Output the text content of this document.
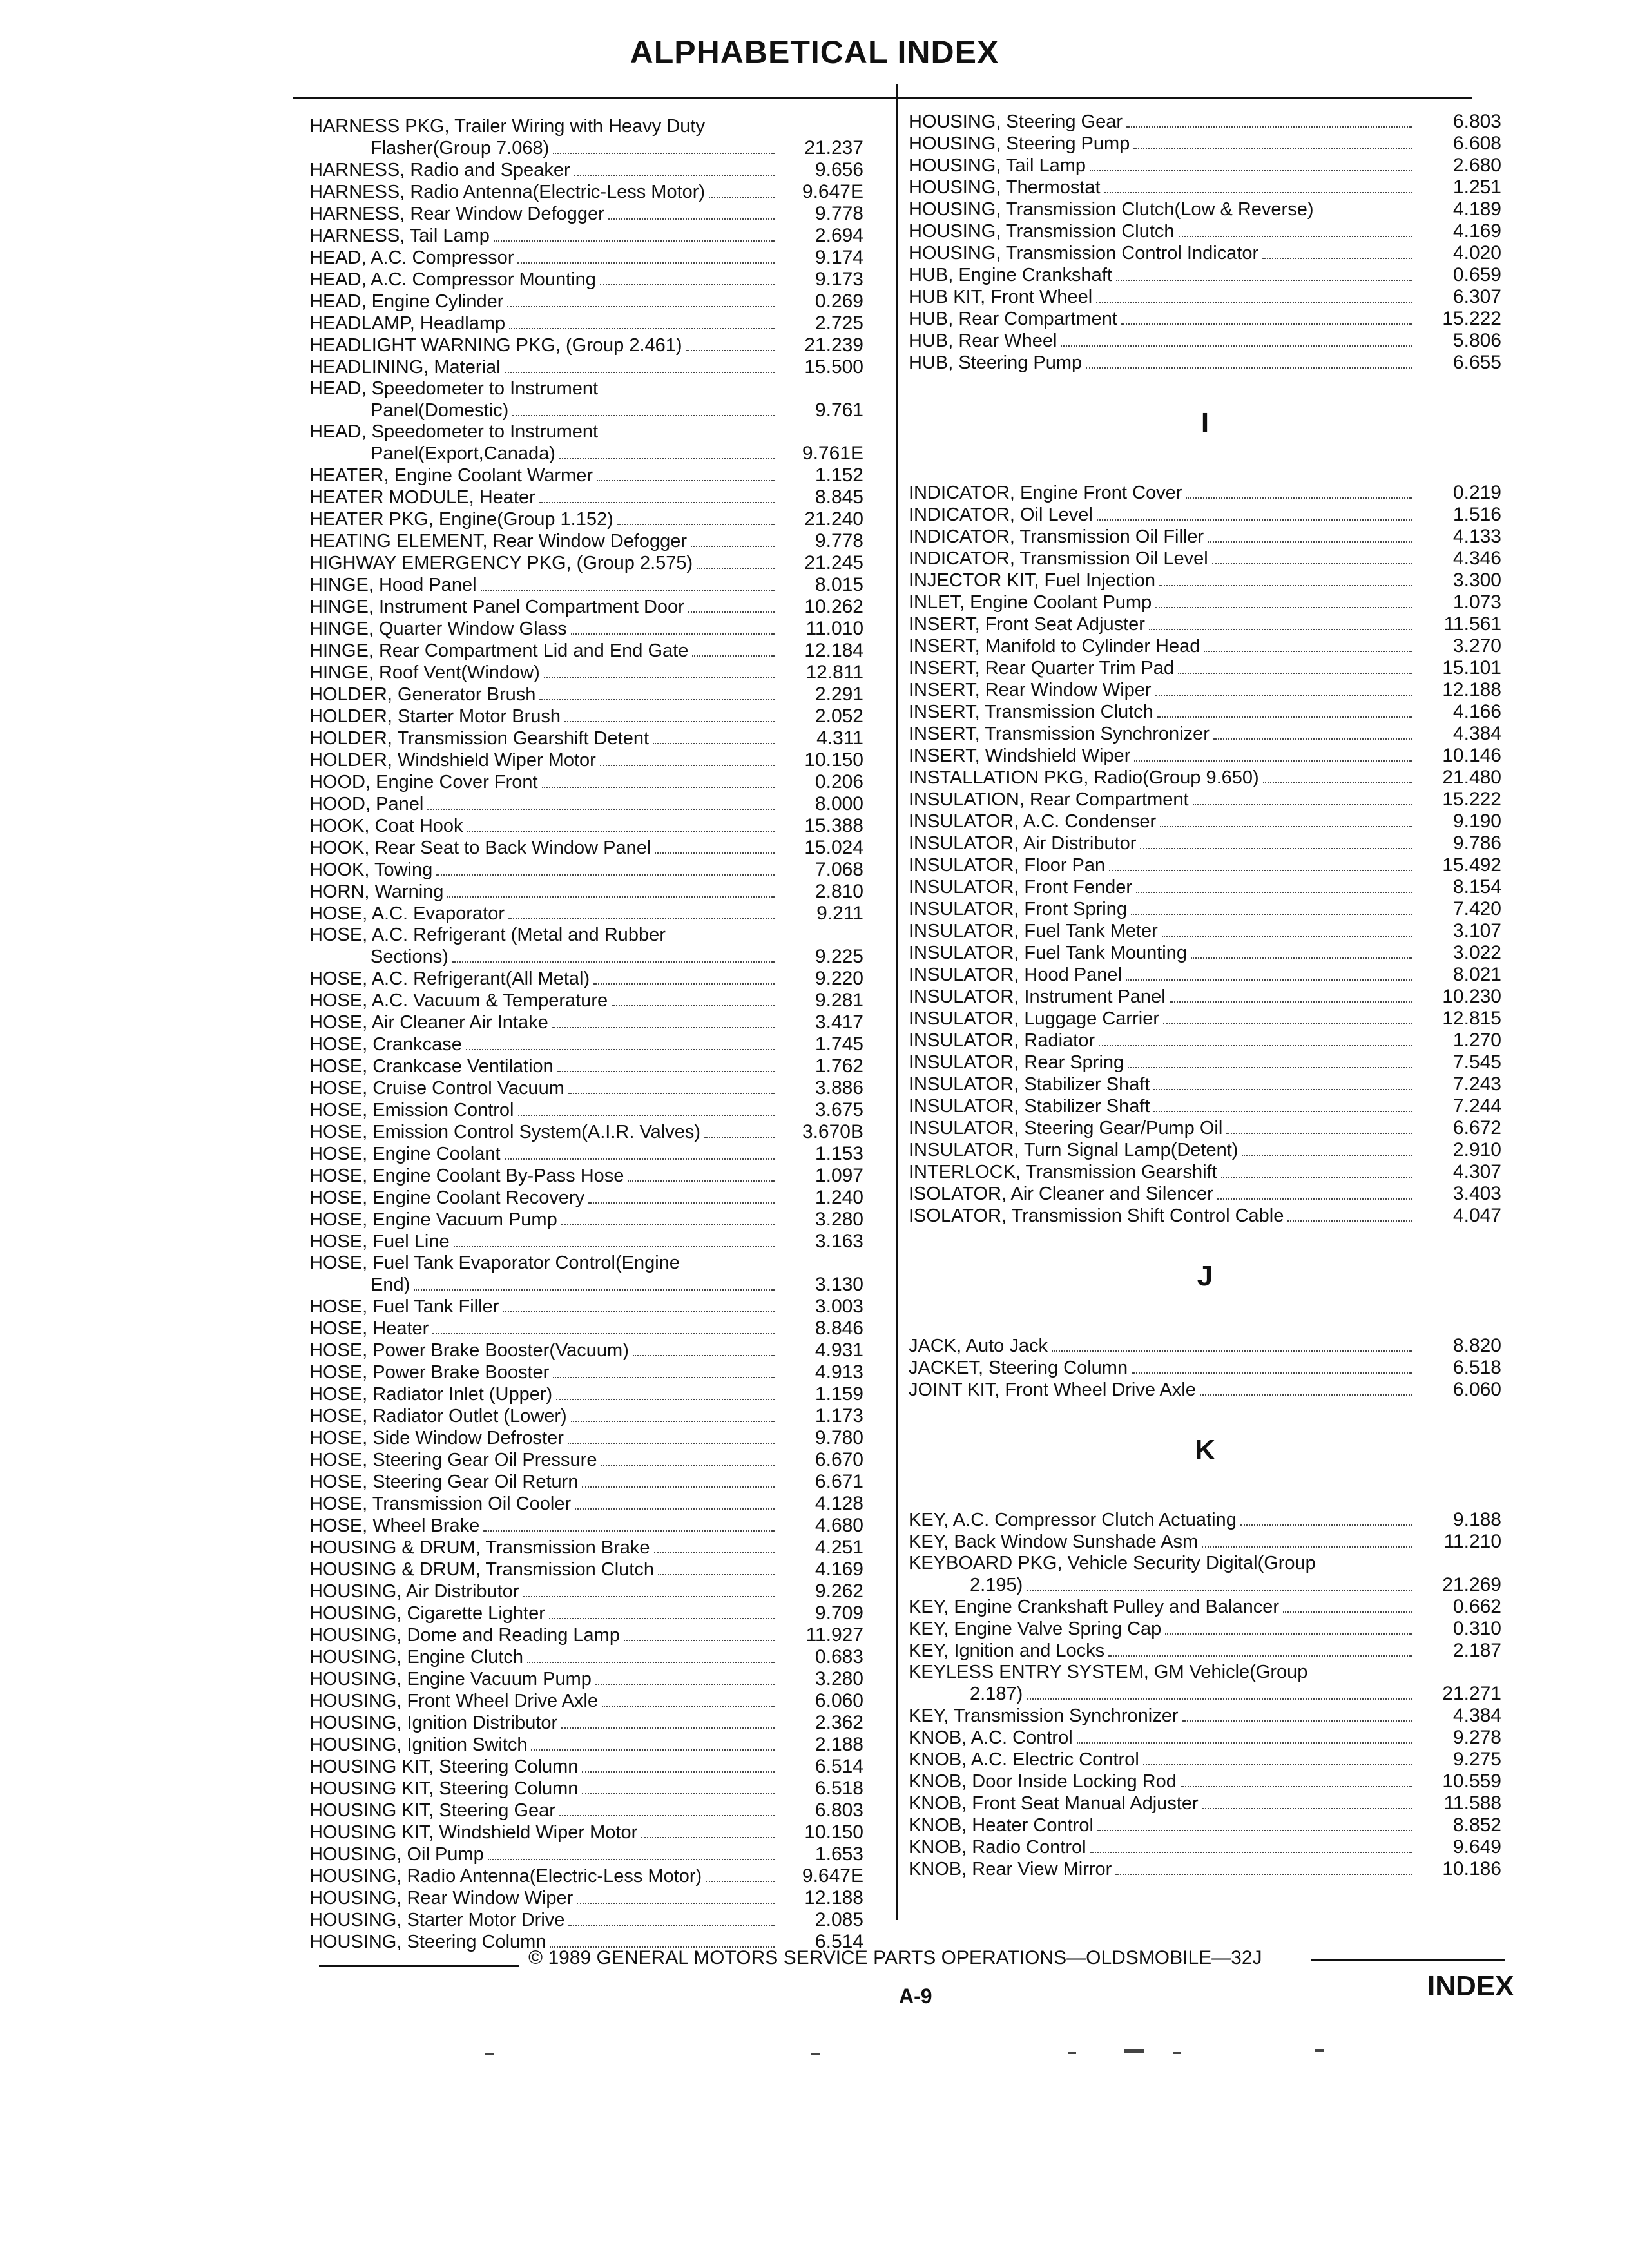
ALPHABETICAL INDEX
HARNESS PKG, Trailer Wiring with Heavy Duty
Flasher(Group 7.068)	21.237
HARNESS, Radio and Speaker	9.656
HARNESS, Radio Antenna(Electric-Less Motor)	9.647E
HARNESS, Rear Window Defogger	9.778
HARNESS, Tail Lamp	2.694
HEAD, A.C. Compressor	9.174
HEAD, A.C. Compressor Mounting	9.173
HEAD, Engine Cylinder	0.269
HEADLAMP, Headlamp	2.725
HEADLIGHT WARNING PKG, (Group 2.461)	21.239
HEADLINING, Material	15.500
HEAD, Speedometer to Instrument
Panel(Domestic)	9.761
HEAD, Speedometer to Instrument
Panel(Export,Canada)	9.761E
HEATER, Engine Coolant Warmer	1.152
HEATER MODULE, Heater	8.845
HEATER PKG, Engine(Group 1.152)	21.240
HEATING ELEMENT, Rear Window Defogger	9.778
HIGHWAY EMERGENCY PKG, (Group 2.575)	21.245
HINGE, Hood Panel	8.015
HINGE, Instrument Panel Compartment Door	10.262
HINGE, Quarter Window Glass	11.010
HINGE, Rear Compartment Lid and End Gate	12.184
HINGE, Roof Vent(Window)	12.811
HOLDER, Generator Brush	2.291
HOLDER, Starter Motor Brush	2.052
HOLDER, Transmission Gearshift Detent	4.311
HOLDER, Windshield Wiper Motor	10.150
HOOD, Engine Cover Front	0.206
HOOD, Panel	8.000
HOOK, Coat Hook	15.388
HOOK, Rear Seat to Back Window Panel	15.024
HOOK, Towing	7.068
HORN, Warning	2.810
HOSE, A.C. Evaporator	9.211
HOSE, A.C. Refrigerant (Metal and Rubber
Sections)	9.225
HOSE, A.C. Refrigerant(All Metal)	9.220
HOSE, A.C. Vacuum & Temperature	9.281
HOSE, Air Cleaner Air Intake	3.417
HOSE, Crankcase	1.745
HOSE, Crankcase Ventilation	1.762
HOSE, Cruise Control Vacuum	3.886
HOSE, Emission Control	3.675
HOSE, Emission Control System(A.I.R. Valves)	3.670B
HOSE, Engine Coolant	1.153
HOSE, Engine Coolant By-Pass Hose	1.097
HOSE, Engine Coolant Recovery	1.240
HOSE, Engine Vacuum Pump	3.280
HOSE, Fuel Line	3.163
HOSE, Fuel Tank Evaporator Control(Engine
End)	3.130
HOSE, Fuel Tank Filler	3.003
HOSE, Heater	8.846
HOSE, Power Brake Booster(Vacuum)	4.931
HOSE, Power Brake Booster	4.913
HOSE, Radiator Inlet (Upper)	1.159
HOSE, Radiator Outlet (Lower)	1.173
HOSE, Side Window Defroster	9.780
HOSE, Steering Gear Oil Pressure	6.670
HOSE, Steering Gear Oil Return	6.671
HOSE, Transmission Oil Cooler	4.128
HOSE, Wheel Brake	4.680
HOUSING & DRUM, Transmission Brake	4.251
HOUSING & DRUM, Transmission Clutch	4.169
HOUSING, Air Distributor	9.262
HOUSING, Cigarette Lighter	9.709
HOUSING, Dome and Reading Lamp	11.927
HOUSING, Engine Clutch	0.683
HOUSING, Engine Vacuum Pump	3.280
HOUSING, Front Wheel Drive Axle	6.060
HOUSING, Ignition Distributor	2.362
HOUSING, Ignition Switch	2.188
HOUSING KIT, Steering Column	6.514
HOUSING KIT, Steering Column	6.518
HOUSING KIT, Steering Gear	6.803
HOUSING KIT, Windshield Wiper Motor	10.150
HOUSING, Oil Pump	1.653
HOUSING, Radio Antenna(Electric-Less Motor)	9.647E
HOUSING, Rear Window Wiper	12.188
HOUSING, Starter Motor Drive	2.085
HOUSING, Steering Column	6.514
HOUSING, Steering Gear	6.803
HOUSING, Steering Pump	6.608
HOUSING, Tail Lamp	2.680
HOUSING, Thermostat	1.251
HOUSING, Transmission Clutch(Low & Reverse)	4.189
HOUSING, Transmission Clutch	4.169
HOUSING, Transmission Control Indicator	4.020
HUB, Engine Crankshaft	0.659
HUB KIT, Front Wheel	6.307
HUB, Rear Compartment	15.222
HUB, Rear Wheel	5.806
HUB, Steering Pump	6.655
I
INDICATOR, Engine Front Cover	0.219
INDICATOR, Oil Level	1.516
INDICATOR, Transmission Oil Filler	4.133
INDICATOR, Transmission Oil Level	4.346
INJECTOR KIT, Fuel Injection	3.300
INLET, Engine Coolant Pump	1.073
INSERT, Front Seat Adjuster	11.561
INSERT, Manifold to Cylinder Head	3.270
INSERT, Rear Quarter Trim Pad	15.101
INSERT, Rear Window Wiper	12.188
INSERT, Transmission Clutch	4.166
INSERT, Transmission Synchronizer	4.384
INSERT, Windshield Wiper	10.146
INSTALLATION PKG, Radio(Group 9.650)	21.480
INSULATION, Rear Compartment	15.222
INSULATOR, A.C. Condenser	9.190
INSULATOR, Air Distributor	9.786
INSULATOR, Floor Pan	15.492
INSULATOR, Front Fender	8.154
INSULATOR, Front Spring	7.420
INSULATOR, Fuel Tank Meter	3.107
INSULATOR, Fuel Tank Mounting	3.022
INSULATOR, Hood Panel	8.021
INSULATOR, Instrument Panel	10.230
INSULATOR, Luggage Carrier	12.815
INSULATOR, Radiator	1.270
INSULATOR, Rear Spring	7.545
INSULATOR, Stabilizer Shaft	7.243
INSULATOR, Stabilizer Shaft	7.244
INSULATOR, Steering Gear/Pump Oil	6.672
INSULATOR, Turn Signal Lamp(Detent)	2.910
INTERLOCK, Transmission Gearshift	4.307
ISOLATOR, Air Cleaner and Silencer	3.403
ISOLATOR, Transmission Shift Control Cable	4.047
J
JACK, Auto Jack	8.820
JACKET, Steering Column	6.518
JOINT KIT, Front Wheel Drive Axle	6.060
K
KEY, A.C. Compressor Clutch Actuating	9.188
KEY, Back Window Sunshade Asm	11.210
KEYBOARD PKG, Vehicle Security Digital(Group
2.195)	21.269
KEY, Engine Crankshaft Pulley and Balancer	0.662
KEY, Engine Valve Spring Cap	0.310
KEY, Ignition and Locks	2.187
KEYLESS ENTRY SYSTEM, GM Vehicle(Group
2.187)	21.271
KEY, Transmission Synchronizer	4.384
KNOB, A.C. Control	9.278
KNOB, A.C. Electric Control	9.275
KNOB, Door Inside Locking Rod	10.559
KNOB, Front Seat Manual Adjuster	11.588
KNOB, Heater Control	8.852
KNOB, Radio Control	9.649
KNOB, Rear View Mirror	10.186
© 1989 GENERAL MOTORS SERVICE PARTS OPERATIONS—OLDSMOBILE—32J
A-9	INDEX
